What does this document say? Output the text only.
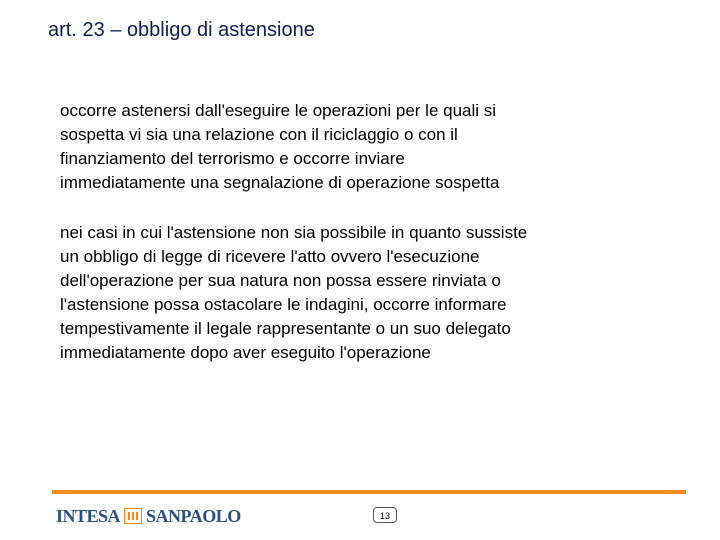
art. 23 – obbligo di astensione

occorre astenersi dall'eseguire le operazioni per le quali si
sospetta vi sia una relazione con il riciclaggio o con il
finanziamento del terrorismo e occorre inviare
immediatamente una segnalazione di operazione sospetta

nei casi in cui l'astensione non sia possibile in quanto sussiste
un obbligo di legge di ricevere l'atto ovvero l'esecuzione
dell'operazione per sua natura non possa essere rinviata o
l'astensione possa ostacolare le indagini, occorre informare
tempestivamente il legale rappresentante o un suo delegato
immediatamente dopo aver eseguito l'operazione

INTESA SANPAOLO	13
